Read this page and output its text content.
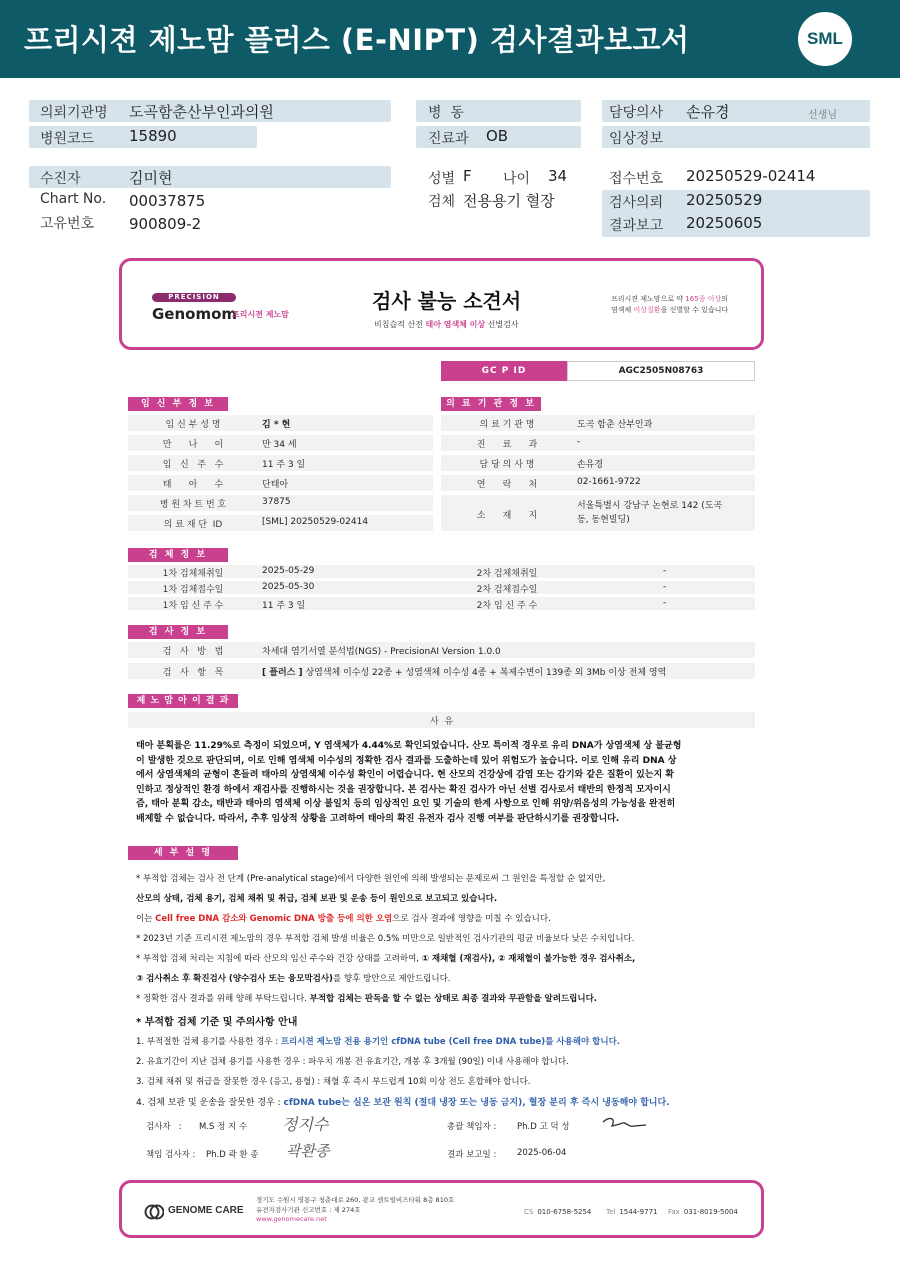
프리시젼 제노맘 플러스 (E-NIPT) 검사결과보고서	SML
의뢰기관명 도곡함춘산부인과의원	병  동	담당의사 손유경	선생님
병원코드 15890	진료과 OB	임상정보
수진자	김미현	성별 F 나이 34	접수번호 20250529-02414
Chart No. 00037875	검체 전용용기 혈장	검사의뢰 20250529
고유번호 900809-2	결과보고 20250605
PRECISION
Genomom
프리시젼 제노맘
검사 불능 소견서
비침습적 산전 태아 염색체 이상 선별검사
프리시젼 제노맘으로 약 165종 이상의
염색체 이상질환을 선별할 수 있습니다
GC P ID	AGC2505N08763
임 신 부 정 보
임 신 부 성 명	김 * 현
만      나      이	만 34 세
임   신   주   수	11 주 3 일
태      아      수	단태아
병 원 차 트 번 호	37875
의 료 재 단  ID	[SML] 20250529-02414
의 료 기 관 정 보
의 료 기 관 명	도곡 함춘 산부인과
진      료      과	-
담 당 의 사 명	손유경
연      락      처	02-1661-9722
소      재      지
서울특별시 강남구 논현로 142 (도곡
동, 동현빌딩)
검 체 정 보
1차 검체채취일	2025-05-29	2차 검체채취일	-
1차 검체접수일	2025-05-30	2차 검체접수일	-
1차 임 신 주 수	11 주 3 일	2차 임 신 주 수	-
검 사 정 보
검   사   방   법	차세대 염기서열 분석법(NGS) - PrecisionAI Version 1.0.0
검   사   항   목	[ 플러스 ] 상염색체 이수성 22종 + 성염색체 이수성 4종 + 복제수변이 139종 외 3Mb 이상 전체 영역
제 노 맘 아 이 결 과
사  유
태아 분획률은 11.29%로 측정이 되었으며, Y 염색체가 4.44%로 확인되었습니다. 산모 특이적 경우로 유리 DNA가 상염색체 상 불균형
이 발생한 것으로 판단되며, 이로 인해 염색체 이수성의 정확한 검사 결과를 도출하는데 있어 위험도가 높습니다. 이로 인해 유리 DNA 상
에서 상염색체의 균형이 흔들려 태아의 상염색체 이수성 확인이 어렵습니다. 현 산모의 건강상에 감염 또는 감기와 같은 질환이 있는지 확
인하고 정상적인 환경 하에서 재검사를 진행하시는 것을 권장합니다. 본 검사는 확진 검사가 아닌 선별 검사로서 태반의 한정적 모자이시
즘, 태아 분획 감소, 태반과 태아의 염색체 이상 불일치 등의 임상적인 요인 및 기술의 한계 사항으로 인해 위양/위음성의 가능성을 완전히
배제할 수 없습니다. 따라서, 추후 임상적 상황을 고려하여 태아의 확진 유전자 검사 진행 여부를 판단하시기를 권장합니다.
세 부 설 명
* 부적합 검체는 검사 전 단계 (Pre-analytical stage)에서 다양한 원인에 의해 발생되는 문제로써 그 원인을 특정할 순 없지만,
산모의 상태, 검체 용기, 검체 채취 및 취급, 검체 보관 및 운송 등이 원인으로 보고되고 있습니다.
이는 Cell free DNA 감소와 Genomic DNA 방출 등에 의한 오염으로 검사 결과에 영향을 미칠 수 있습니다.
* 2023년 기준 프리시젼 제노맘의 경우 부적합 검체 발생 비율은 0.5% 미만으로 일반적인 검사기관의 평균 비율보다 낮은 수치입니다.
* 부적합 검체 처리는 지침에 따라 산모의 임신 주수와 건강 상태를 고려하여, ① 재채혈 (재검사), ② 재채혈이 불가능한 경우 검사취소,
③ 검사취소 후 확진검사 (양수검사 또는 융모막검사)를 향후 방안으로 제안드립니다.
* 정확한 검사 결과를 위해 양해 부탁드립니다. 부적합 검체는 판독을 할 수 없는 상태로 최종 결과와 무관함을 알려드립니다.
* 부적합 검체 기준 및 주의사항 안내
1. 부적절한 검체 용기를 사용한 경우 : 프리시젼 제노맘 전용 용기인 cfDNA tube (Cell free DNA tube)를 사용해야 합니다.
2. 유효기간이 지난 검체 용기를 사용한 경우 : 파우치 개봉 전 유효기간, 개봉 후 3개월 (90일) 이내 사용해야 합니다.
3. 검체 채취 및 취급을 잘못한 경우 (응고, 용혈) : 채혈 후 즉시 부드럽게 10회 이상 전도 혼합해야 합니다.
4. 검체 보관 및 운송을 잘못한 경우 : cfDNA tube는 실온 보관 원칙 (절대 냉장 또는 냉동 금지), 혈장 분리 후 즉시 냉동해야 합니다.
검사자   : M.S 정 지 수 정지수	총괄 책임자 : Ph.D 고 덕 성
책임 검사자 : Ph.D 곽 환 종 곽환종	결과 보고일 : 2025-06-04
GENOME CARE
경기도 수원시 영통구 청춘대로 260, 광교 센트럴비즈타워 8층 810호
유전자검사기관 신고번호 : 제 274호
www.genomecare.net
CS 010-6758-5254 Tel 1544-9771 Fax 031-8019-5004
